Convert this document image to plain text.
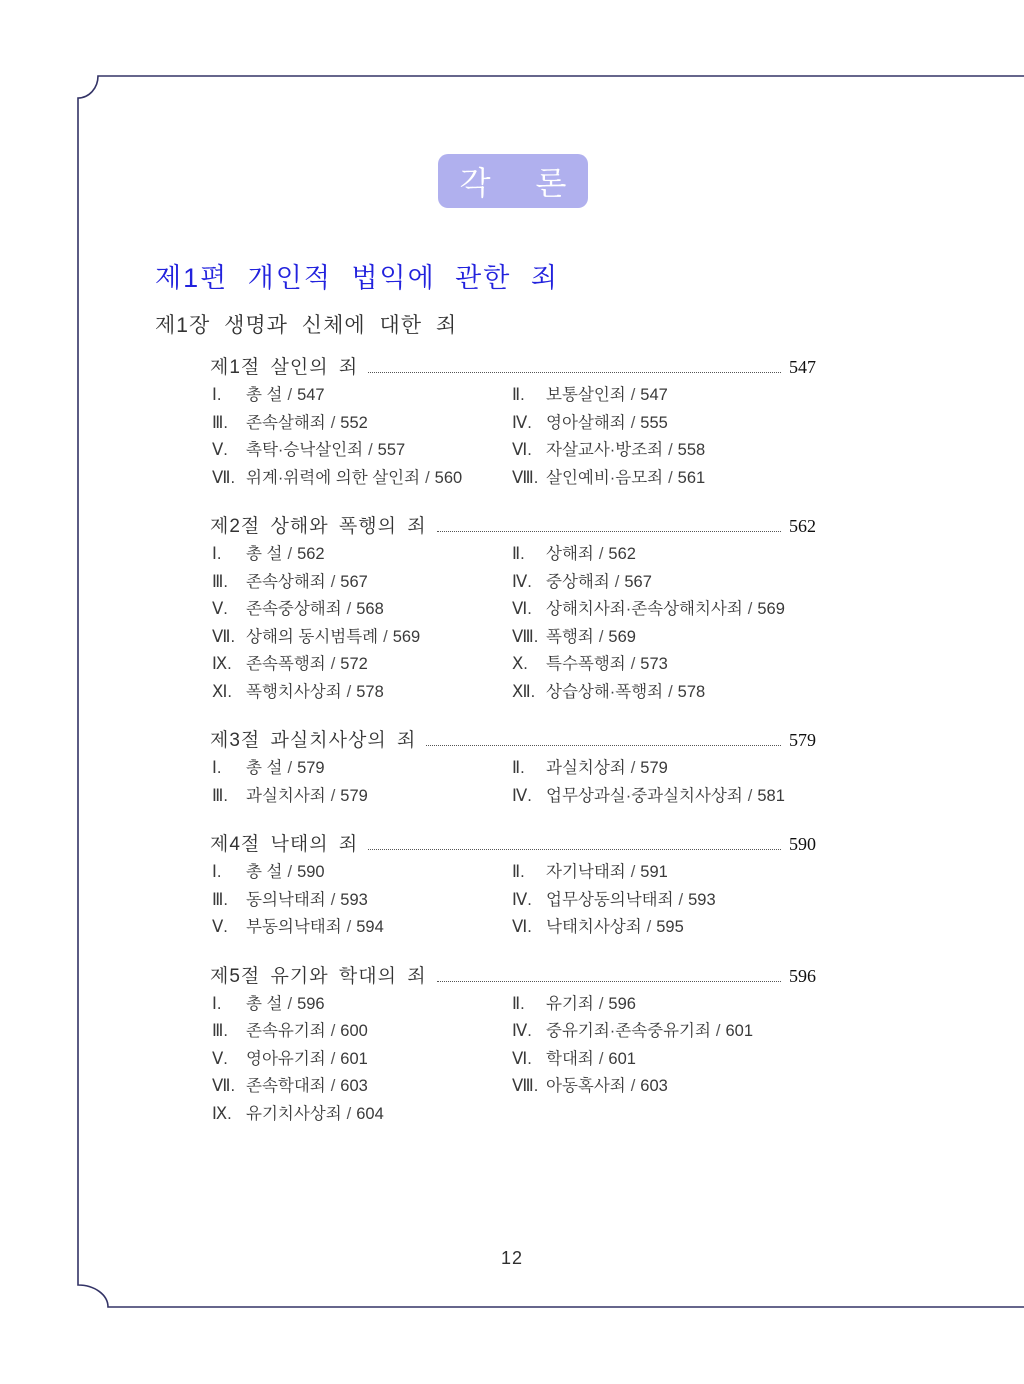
각 론
제1편 개인적 법익에 관한 죄
제1장 생명과 신체에 대한 죄
제1절 살인의 죄	547
Ⅰ. 총 설 / 547	Ⅱ. 보통살인죄 / 547
Ⅲ. 존속살해죄 / 552	Ⅳ. 영아살해죄 / 555
Ⅴ. 촉탁·승낙살인죄 / 557	Ⅵ. 자살교사·방조죄 / 558
Ⅶ. 위계·위력에 의한 살인죄 / 560	Ⅷ. 살인예비·음모죄 / 561
제2절 상해와 폭행의 죄	562
Ⅰ. 총 설 / 562	Ⅱ. 상해죄 / 562
Ⅲ. 존속상해죄 / 567	Ⅳ. 중상해죄 / 567
Ⅴ. 존속중상해죄 / 568	Ⅵ. 상해치사죄·존속상해치사죄 / 569
Ⅶ. 상해의 동시범특례 / 569	Ⅷ. 폭행죄 / 569
Ⅸ. 존속폭행죄 / 572	Ⅹ. 특수폭행죄 / 573
Ⅺ. 폭행치사상죄 / 578	Ⅻ. 상습상해·폭행죄 / 578
제3절 과실치사상의 죄	579
Ⅰ. 총 설 / 579	Ⅱ. 과실치상죄 / 579
Ⅲ. 과실치사죄 / 579	Ⅳ. 업무상과실·중과실치사상죄 / 581
제4절 낙태의 죄	590
Ⅰ. 총 설 / 590	Ⅱ. 자기낙태죄 / 591
Ⅲ. 동의낙태죄 / 593	Ⅳ. 업무상동의낙태죄 / 593
Ⅴ. 부동의낙태죄 / 594	Ⅵ. 낙태치사상죄 / 595
제5절 유기와 학대의 죄	596
Ⅰ. 총 설 / 596	Ⅱ. 유기죄 / 596
Ⅲ. 존속유기죄 / 600	Ⅳ. 중유기죄·존속중유기죄 / 601
Ⅴ. 영아유기죄 / 601	Ⅵ. 학대죄 / 601
Ⅶ. 존속학대죄 / 603	Ⅷ. 아동혹사죄 / 603
Ⅸ. 유기치사상죄 / 604
12
